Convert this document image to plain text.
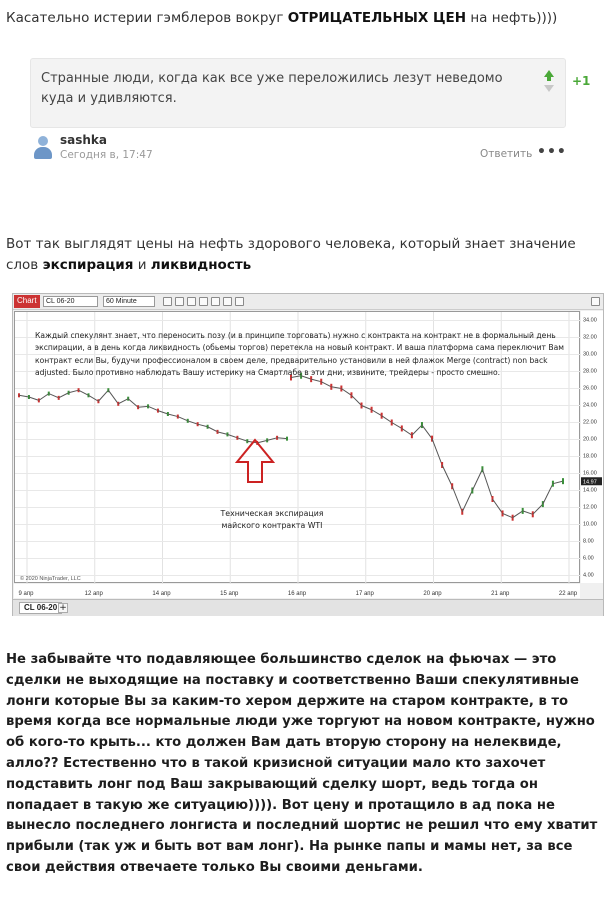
Касательно истерии гэмблеров вокруг ОТРИЦАТЕЛЬНЫХ ЦЕН на нефть))))
Странные люди, когда как все уже переложились лезут неведомо куда и удивляются.
+1
sashka
Сегодня в, 17:47	Ответить •••
Вот так выглядят цены на нефть здорового человека, который знает значение слов экспирация и ликвидность
Chart	CL 06-20	60 Minute
Каждый спекулянт знает, что переносить позу (и в принципе торговать) нужно с контракта на контракт не в формальный день экспирации, а в день когда ликвидность (обьемы торгов) перетекла на новый контракт. И ваша платформа сама переключит Вам контракт если Вы, будучи профессионалом в своем деле, предварительно установили в ней флажок Merge (contract) non back adjusted. Было противно наблюдать Вашу истерику на Смартлабе в эти дни, извините, трейдеры - просто смешно.
Техническая экспирация
майского контракта WTI
© 2020 NinjaTrader, LLC
34.00
32.00
30.00
28.00
26.00
24.00
22.00
20.00
18.00
16.00
14.00
12.00
10.00
8.00
6.00
4.00
14.97
9 апр	12 апр	14 апр	15 апр	16 апр	17 апр	20 апр	21 апр	22 апр
CL 06-20 +
Не забывайте что подавляющее большинство сделок на фьючах — это сделки не выходящие на поставку и соответственно Ваши спекулятивные лонги которые Вы за каким-то хером держите на старом контракте, в то время когда все нормальные люди уже торгуют на новом контракте, нужно об кого-то крыть... кто должен Вам дать вторую сторону на нелеквиде, алло?? Естественно что в такой кризисной ситуации мало кто захочет подставить лонг под Ваш закрывающий сделку шорт, ведь тогда он попадает в такую же ситуацию)))). Вот цену и протащило в ад пока не вынесло последнего лонгиста и последний шортис не решил что ему хватит прибыли (так уж и быть вот вам лонг). На рынке папы и мамы нет, за все свои действия отвечаете только Вы своими деньгами.
